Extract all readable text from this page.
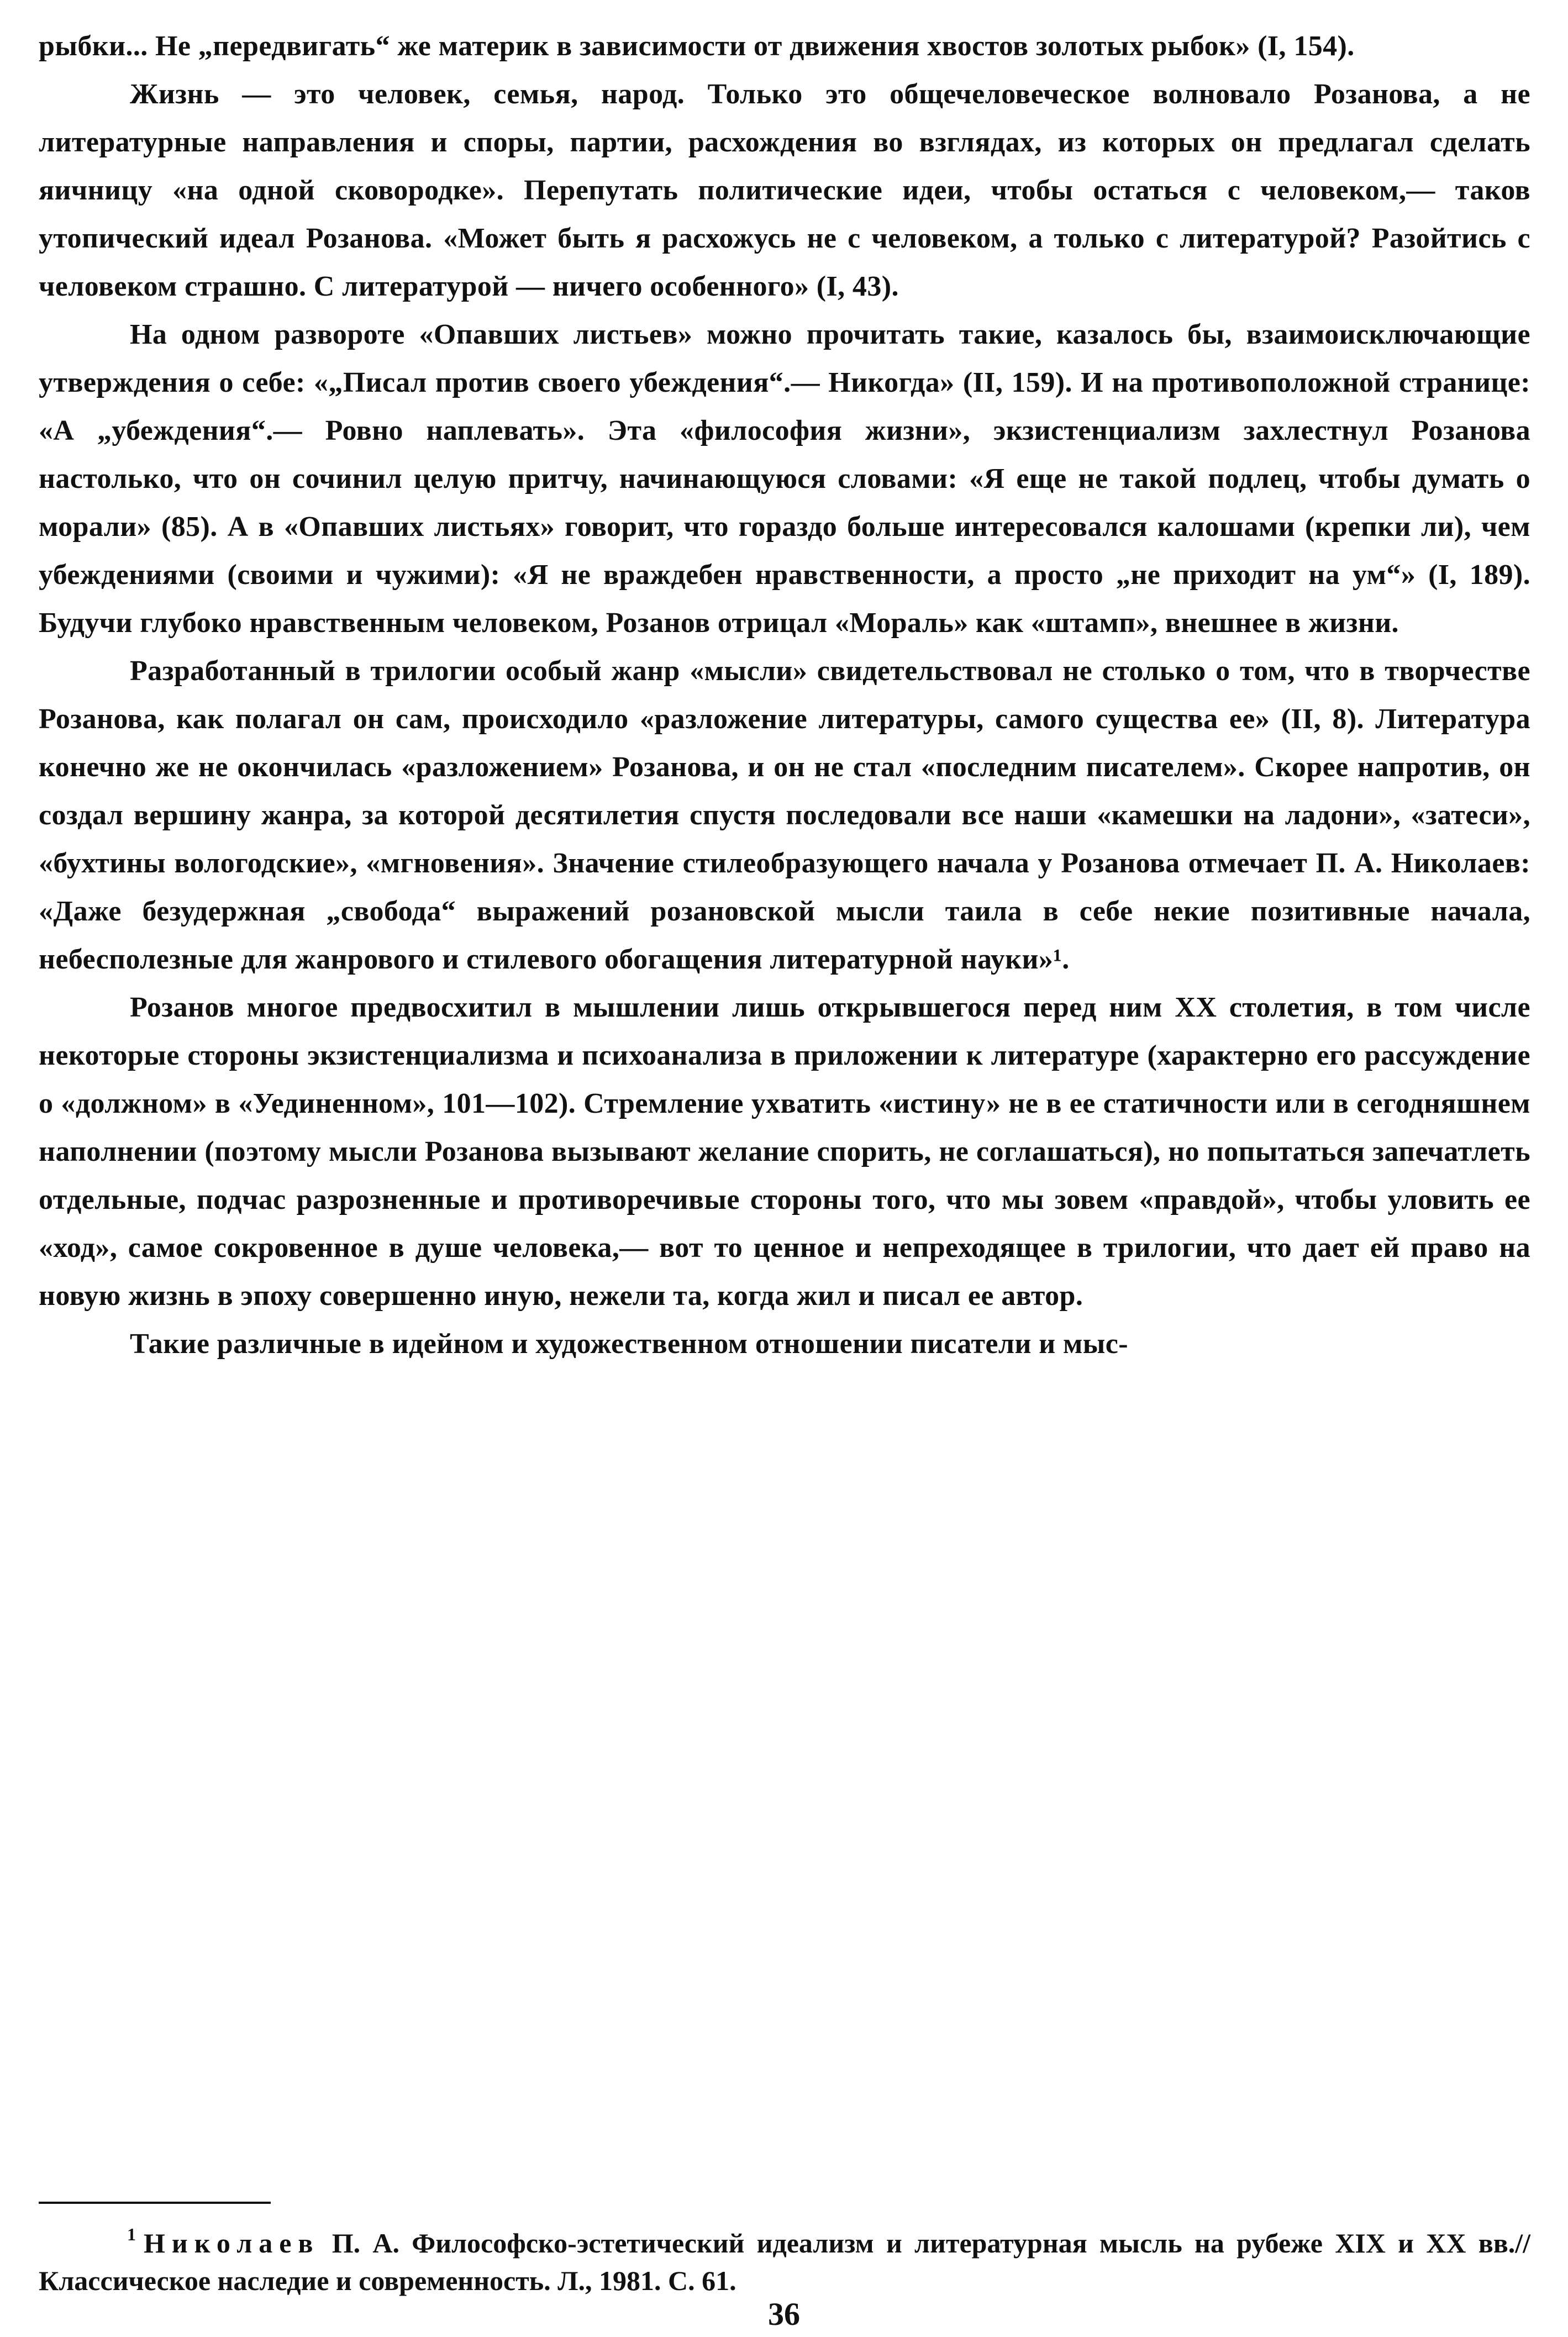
рыбки... Не „передвигать“ же материк в зависимости от движения хвостов золотых рыбок» (I, 154).

Жизнь — это человек, семья, народ. Только это общечеловеческое волновало Розанова, а не литературные направления и споры, партии, расхождения во взглядах, из которых он предлагал сделать яичницу «на одной сковородке». Перепутать политические идеи, чтобы остаться с человеком,— таков утопический идеал Розанова. «Может быть я расхожусь не с человеком, а только с литературой? Разойтись с человеком страшно. С литературой — ничего особенного» (I, 43).

На одном развороте «Опавших листьев» можно прочитать такие, казалось бы, взаимоисключающие утверждения о себе: «„Писал против своего убеждения“.— Никогда» (II, 159). И на противоположной странице: «А „убеждения“.— Ровно наплевать». Эта «философия жизни», экзистенциализм захлестнул Розанова настолько, что он сочинил целую притчу, начинающуюся словами: «Я еще не такой подлец, чтобы думать о морали» (85). А в «Опавших листьях» говорит, что гораздо больше интересовался калошами (крепки ли), чем убеждениями (своими и чужими): «Я не враждебен нравственности, а просто „не приходит на ум“» (I, 189). Будучи глубоко нравственным человеком, Розанов отрицал «Мораль» как «штамп», внешнее в жизни.

Разработанный в трилогии особый жанр «мысли» свидетельствовал не столько о том, что в творчестве Розанова, как полагал он сам, происходило «разложение литературы, самого существа ее» (II, 8). Литература конечно же не окончилась «разложением» Розанова, и он не стал «последним писателем». Скорее напротив, он создал вершину жанра, за которой десятилетия спустя последовали все наши «камешки на ладони», «затеси», «бухтины вологодские», «мгновения». Значение стилеобразующего начала у Розанова отмечает П. А. Николаев: «Даже безудержная „свобода“ выражений розановской мысли таила в себе некие позитивные начала, небесполезные для жанрового и стилевого обогащения литературной науки»¹.

Розанов многое предвосхитил в мышлении лишь открывшегося перед ним XX столетия, в том числе некоторые стороны экзистенциализма и психоанализа в приложении к литературе (характерно его рассуждение о «должном» в «Уединенном», 101—102). Стремление ухватить «истину» не в ее статичности или в сегодняшнем наполнении (поэтому мысли Розанова вызывают желание спорить, не соглашаться), но попытаться запечатлеть отдельные, подчас разрозненные и противоречивые стороны того, что мы зовем «правдой», чтобы уловить ее «ход», самое сокровенное в душе человека,— вот то ценное и непреходящее в трилогии, что дает ей право на новую жизнь в эпоху совершенно иную, нежели та, когда жил и писал ее автор.

Такие различные в идейном и художественном отношении писатели и мыс-

$^1$ Николаев П. А. Философско-эстетический идеализм и литературная мысль на рубеже XIX и XX вв.//Классическое наследие и современность. Л., 1981. С. 61.
36
